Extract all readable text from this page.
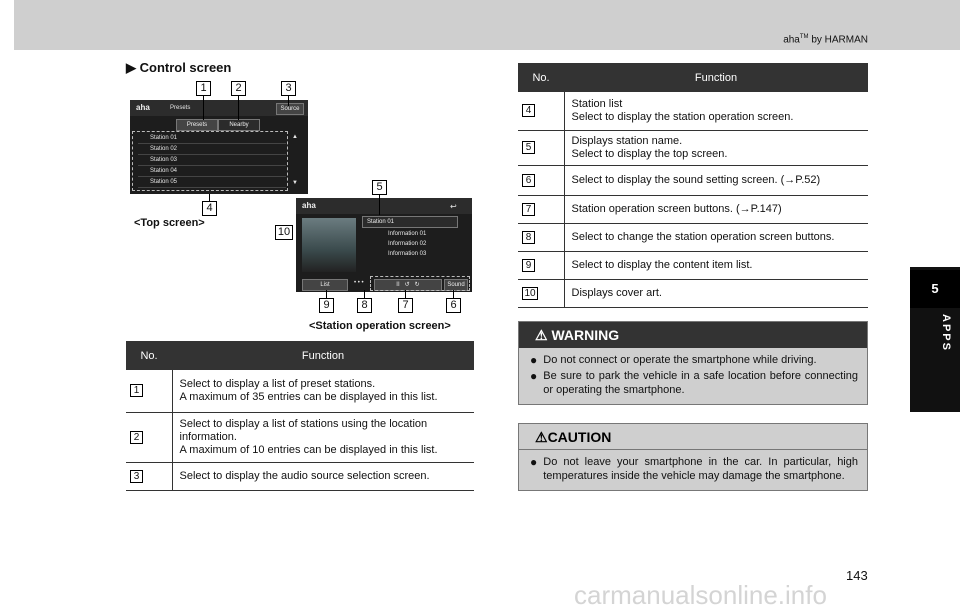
aha™ by HARMAN
5
APPS
▶ Control screen
aha	Presets	Source
Presets	Nearby
Station 01
Station 02
Station 03
Station 04
Station 05
▲
▼
aha	↩
Station 01
Information 01
Information 02
Information 03
List	• • •	II   ↺   ↻	Sound
1	2	3
4
<Top screen>
5
10
9	8	7	6
<Station operation screen>
No.	Function
1	Select to display a list of preset stations.
A maximum of 35 entries can be displayed in this list.

2	Select to display a list of stations using the location
information.
A maximum of 10 entries can be displayed in this list.

3	Select to display the audio source selection screen.
No.	Function
4	Station list
Select to display the station operation screen.

5	Displays station name.
Select to display the top screen.

6	Select to display the sound setting screen. (→P.52)

7	Station operation screen buttons. (→P.147)

8	Select to change the station operation screen buttons.

9	Select to display the content item list.

10	Displays cover art.
⚠ WARNING
● Do not connect or operate the smartphone while driving.
● Be sure to park the vehicle in a safe location before connecting or operating the smartphone.
⚠CAUTION
● Do not leave your smartphone in the car. In particular, high temperatures inside the vehicle may damage the smartphone.
143
carmanualsonline.info
